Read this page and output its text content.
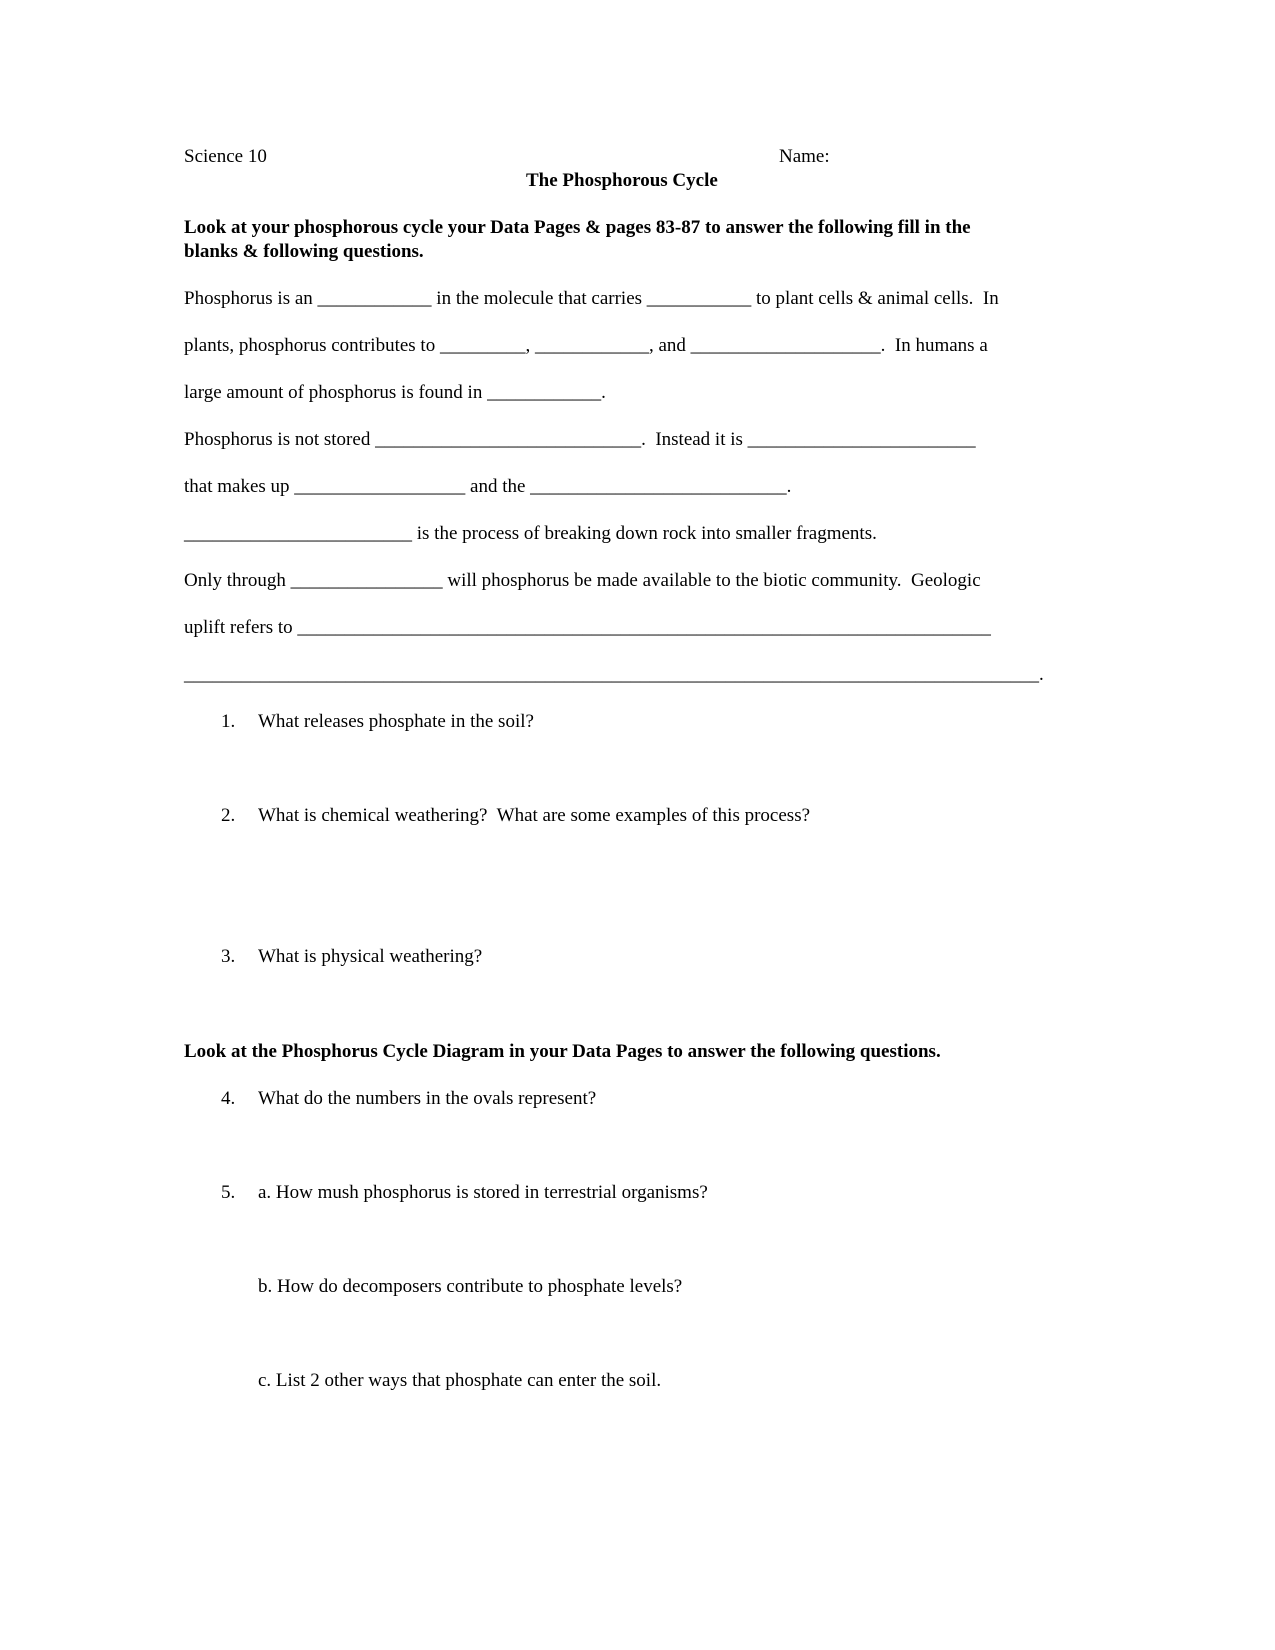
Science 10	Name:
The Phosphorous Cycle
Look at your phosphorous cycle your Data Pages & pages 83-87 to answer the following fill in the
blanks & following questions.
Phosphorus is an ____________ in the molecule that carries ___________ to plant cells & animal cells.  In
plants, phosphorus contributes to _________, ____________, and ____________________.  In humans a
large amount of phosphorus is found in ____________.
Phosphorus is not stored ____________________________.  Instead it is ________________________
that makes up __________________ and the ___________________________.
________________________ is the process of breaking down rock into smaller fragments.
Only through ________________ will phosphorus be made available to the biotic community.  Geologic
uplift refers to _________________________________________________________________________
__________________________________________________________________________________________.
1. What releases phosphate in the soil?
2. What is chemical weathering?  What are some examples of this process?
3. What is physical weathering?
Look at the Phosphorus Cycle Diagram in your Data Pages to answer the following questions.
4. What do the numbers in the ovals represent?
5. a. How mush phosphorus is stored in terrestrial organisms?
b. How do decomposers contribute to phosphate levels?
c. List 2 other ways that phosphate can enter the soil.
